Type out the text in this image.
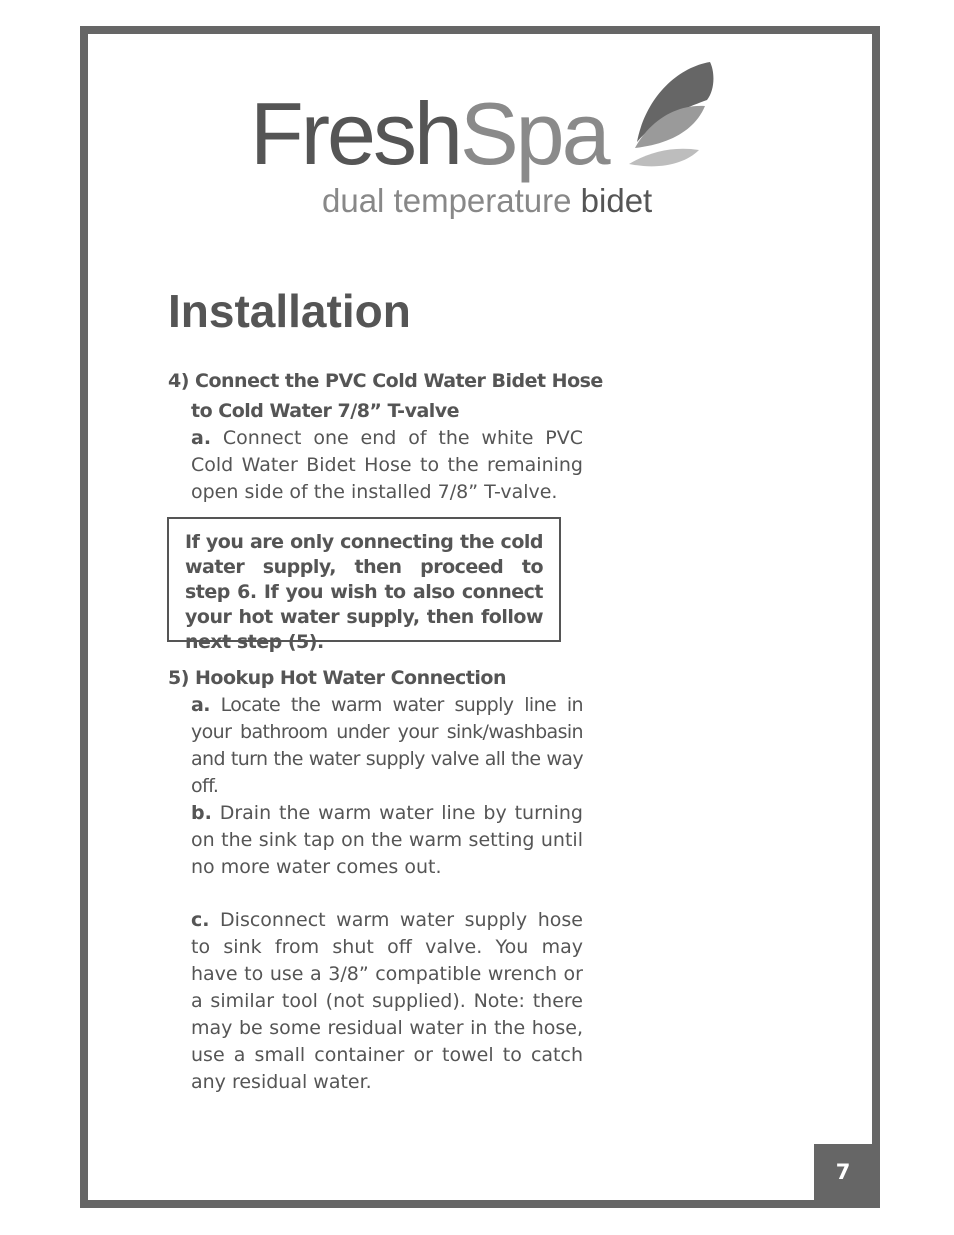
7
FreshSpa
dual temperature bidet
Installation
4) Connect the PVC Cold Water Bidet Hose
to Cold Water 7/8” T-valve

a. Connect one end of the white PVC Cold Water Bidet Hose to the remaining open side of the installed 7/8” T-valve.

If you are only connecting the cold water supply, then proceed to step 6. If you wish to also connect your hot water supply, then follow next step (5).

5) Hookup Hot Water Connection

a. Locate the warm water supply line in your bathroom under your sink/washbasin and turn the water supply valve all the way off.

b. Drain the warm water line by turning on the sink tap on the warm setting until no more water comes out.

c. Disconnect warm water supply hose to sink from shut off valve. You may have to use a 3/8” compatible wrench or a similar tool (not supplied). Note: there may be some residual water in the hose, use a small container or towel to catch any residual water.
